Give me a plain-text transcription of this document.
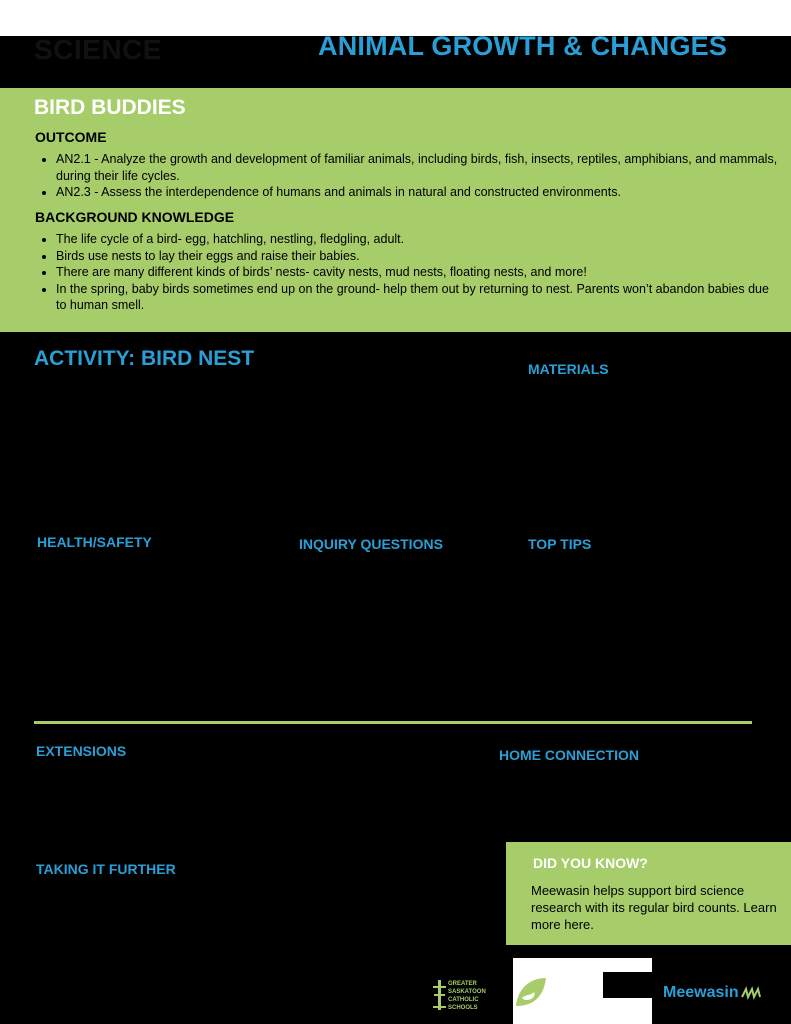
SCIENCE	ANIMAL GROWTH & CHANGES
BIRD BUDDIES
OUTCOME
• AN2.1 - Analyze the growth and development of familiar animals, including birds, fish, insects, reptiles, amphibians, and mammals, during their life cycles.
• AN2.3 - Assess the interdependence of humans and animals in natural and constructed environments.
BACKGROUND KNOWLEDGE
• The life cycle of a bird- egg, hatchling, nestling, fledgling, adult.
• Birds use nests to lay their eggs and raise their babies.
• There are many different kinds of birds’ nests- cavity nests, mud nests, floating nests, and more!
• In the spring, baby birds sometimes end up on the ground- help them out by returning to nest. Parents won’t abandon babies due to human smell.
ACTIVITY: BIRD NEST	MATERIALS
HEALTH/SAFETY	INQUIRY QUESTIONS	TOP TIPS
EXTENSIONS	HOME CONNECTION
TAKING IT FURTHER	DID YOU KNOW?
Meewasin helps support bird science research with its regular bird counts. Learn more here.
GREATER
SASKATOON
CATHOLIC
SCHOOLS
Meewasin
